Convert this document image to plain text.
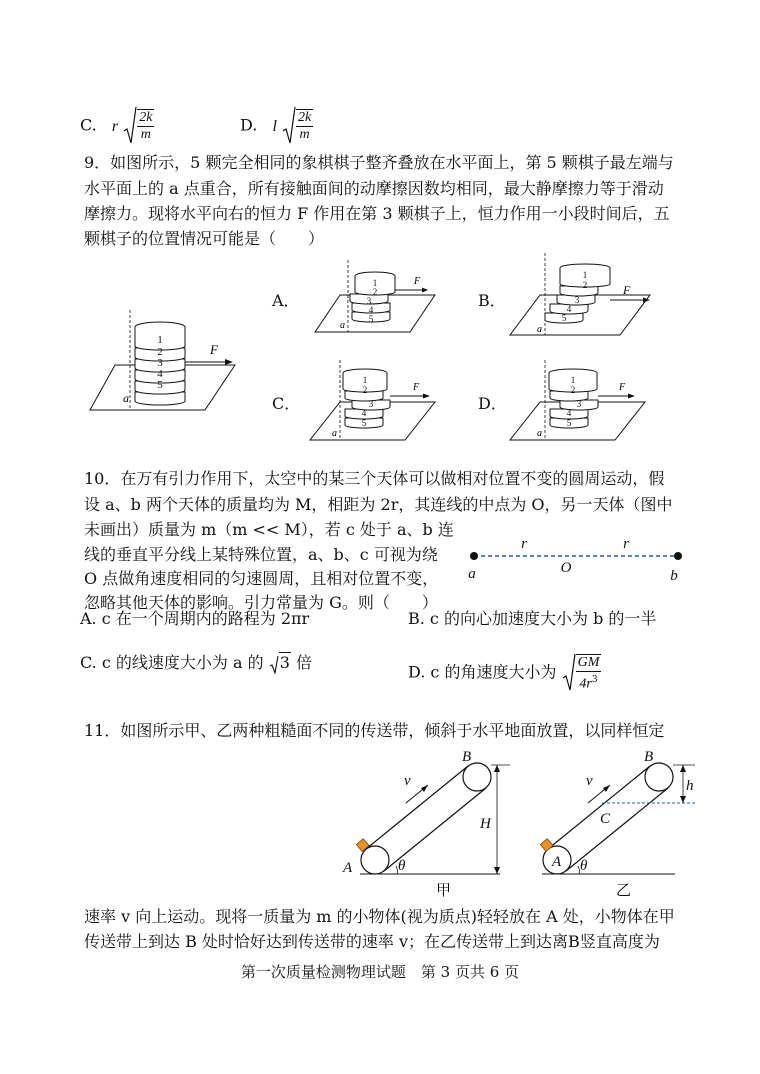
C. r $\frac{2k}{m}$	D. l $\frac{2k}{m}$
9．如图所示，5 颗完全相同的象棋棋子整齐叠放在水平面上，第 5 颗棋子最左端与
水平面上的 a 点重合，所有接触面间的动摩擦因数均相同，最大静摩擦力等于滑动
摩擦力。现将水平向右的恒力 F 作用在第 3 颗棋子上，恒力作用一小段时间后，五
颗棋子的位置情况可能是（　　）
1
2
3
4
5
F
a
A．
1
2
3
4
5
F
a
B．
1
2
3
4
5
F
a
C．
1
2
3
4
5
F
a
D．
1
2
3
4
5
F
a
10．在万有引力作用下，太空中的某三个天体可以做相对位置不变的圆周运动，假
设 a、b 两个天体的质量均为 M，相距为 2r，其连线的中点为 O，另一天体（图中
未画出）质量为 m（m << M），若 c 处于 a、b 连
线的垂直平分线上某特殊位置，a、b、c 可视为绕
O 点做角速度相同的匀速圆周，且相对位置不变，
忽略其他天体的影响。引力常量为 G。则（　　）
r	r
a	O	b
A. c 在一个周期内的路程为 2πr	B. c 的向心加速度大小为 b 的一半
C. c 的线速度大小为 a 的 3 倍	D. c 的角速度大小为 $\frac{GM}{4r^3}$
11．如图所示甲、乙两种粗糙面不同的传送带，倾斜于水平地面放置，以同样恒定
A
B
v
H
θ
甲
A
B
v	h
C
θ
乙
速率 v 向上运动。现将一质量为 m 的小物体(视为质点)轻轻放在 A 处，小物体在甲
传送带上到达 B 处时恰好达到传送带的速率 v；在乙传送带上到达离B竖直高度为
第一次质量检测物理试题　第 3 页共 6 页
